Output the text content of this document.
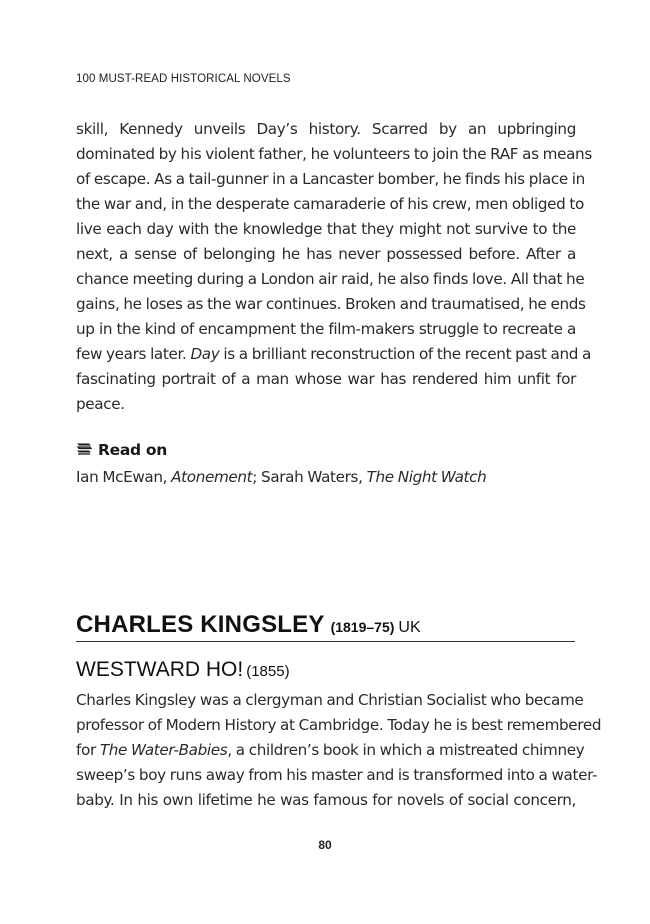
100 MUST-READ HISTORICAL NOVELS
skill, Kennedy unveils Day’s history. Scarred by an upbringing
dominated by his violent father, he volunteers to join the RAF as means
of escape. As a tail-gunner in a Lancaster bomber, he finds his place in
the war and, in the desperate camaraderie of his crew, men obliged to
live each day with the knowledge that they might not survive to the
next, a sense of belonging he has never possessed before. After a
chance meeting during a London air raid, he also finds love. All that he
gains, he loses as the war continues. Broken and traumatised, he ends
up in the kind of encampment the film-makers struggle to recreate a
few years later. Day is a brilliant reconstruction of the recent past and a
fascinating portrait of a man whose war has rendered him unfit for
peace.
Read on
Ian McEwan, Atonement; Sarah Waters, The Night Watch
CHARLES KINGSLEY (1819–75) UK
WESTWARD HO! (1855)
Charles Kingsley was a clergyman and Christian Socialist who became
professor of Modern History at Cambridge. Today he is best remembered
for The Water-Babies, a children’s book in which a mistreated chimney
sweep’s boy runs away from his master and is transformed into a water-
baby. In his own lifetime he was famous for novels of social concern,
80
